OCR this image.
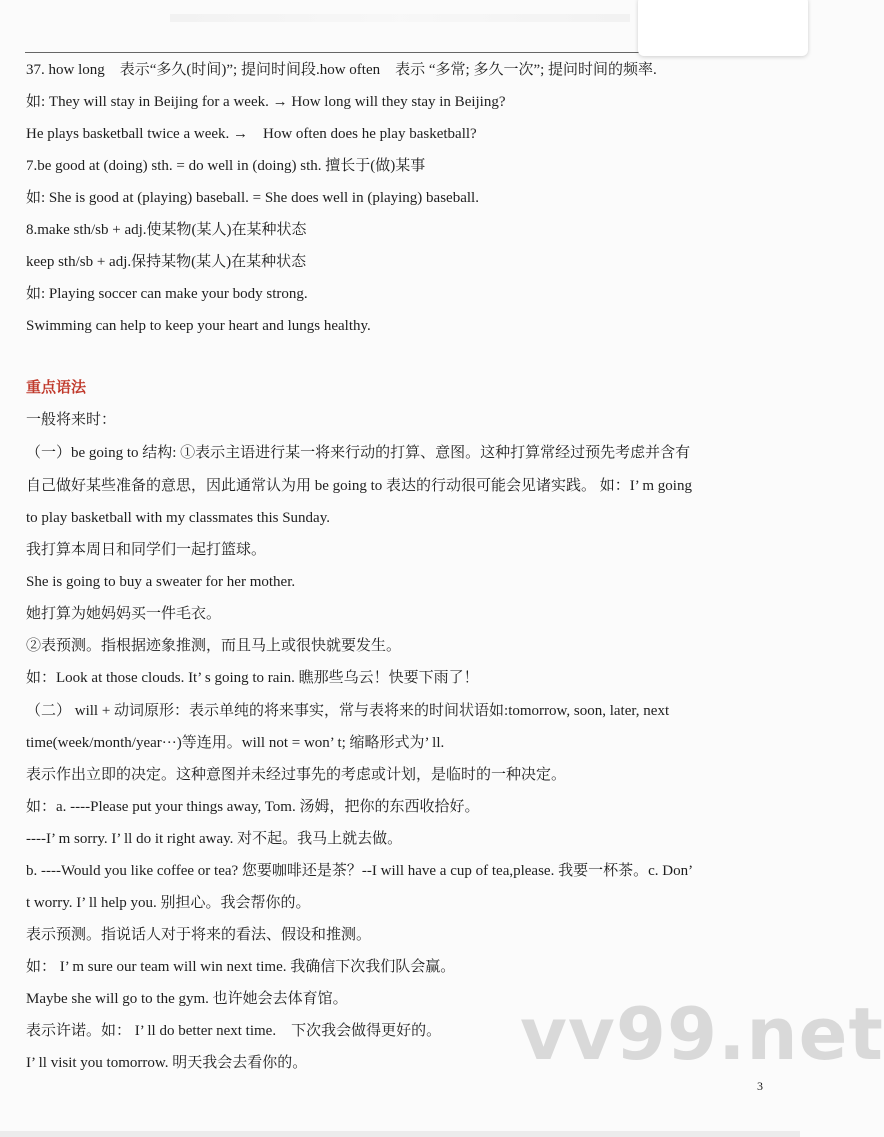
37. how long　表示“多久(时间)”; 提问时间段.how often　表示 “多常; 多久一次”; 提问时间的频率.
如: They will stay in Beijing for a week. → How long will they stay in Beijing?
He plays basketball twice a week. →　How often does he play basketball?
7.be good at (doing) sth. = do well in (doing) sth. 擅长于(做)某事
如: She is good at (playing) baseball. = She does well in (playing) baseball.
8.make sth/sb + adj.使某物(某人)在某种状态
keep sth/sb + adj.保持某物(某人)在某种状态
如: Playing soccer can make your body strong.
Swimming can help to keep your heart and lungs healthy.
重点语法
一般将来时：
（一）be going to 结构: ①表示主语进行某一将来行动的打算、意图。这种打算常经过预先考虑并含有
自己做好某些准备的意思，因此通常认为用 be going to 表达的行动很可能会见诸实践。 如：I’ m going
to play basketball with my classmates this Sunday.
我打算本周日和同学们一起打篮球。
She is going to buy a sweater for her mother.
她打算为她妈妈买一件毛衣。
②表预测。指根据迹象推测，而且马上或很快就要发生。
如：Look at those clouds. It’ s going to rain. 瞧那些乌云！快要下雨了！
（二） will + 动词原形：表示单纯的将来事实，常与表将来的时间状语如:tomorrow, soon, later, next
time(week/month/year···)等连用。will not = won’ t; 缩略形式为’ ll.
表示作出立即的决定。这种意图并未经过事先的考虑或计划，是临时的一种决定。
如：a. ----Please put your things away, Tom. 汤姆，把你的东西收拾好。
----I’ m sorry. I’ ll do it right away. 对不起。我马上就去做。
b. ----Would you like coffee or tea? 您要咖啡还是茶？--I will have a cup of tea,please. 我要一杯茶。c. Don’
t worry. I’ ll help you. 别担心。我会帮你的。
表示预测。指说话人对于将来的看法、假设和推测。
如： I’ m sure our team will win next time. 我确信下次我们队会赢。
Maybe she will go to the gym. 也许她会去体育馆。
表示许诺。如： I’ ll do better next time.　下次我会做得更好的。
I’ ll visit you tomorrow. 明天我会去看你的。	vv99.net
3
